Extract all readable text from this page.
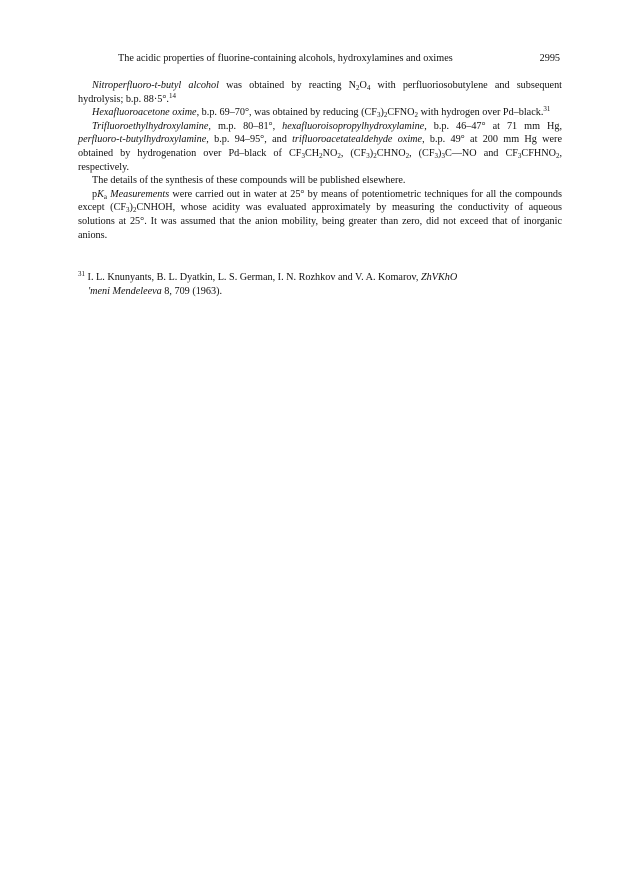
The acidic properties of fluorine-containing alcohols, hydroxylamines and oximes	2995

Nitroperfluoro-t-butyl alcohol was obtained by reacting $N_2O_4$ with perfluoriosobutylene and subsequent hydrolysis; b.p. 88·5°.$^{14}$

Hexafluoroacetone oxime, b.p. 69–70°, was obtained by reducing $(CF_3)_2CFNO_2$ with hydrogen over Pd–black.$^{31}$

Trifluoroethylhydroxylamine, m.p. 80–81°, hexafluoroisopropylhydroxylamine, b.p. 46–47° at 71 mm Hg, perfluoro-t-butylhydroxylamine, b.p. 94–95°, and trifluoroacetatealdehyde oxime, b.p. 49° at 200 mm Hg were obtained by hydrogenation over Pd–black of $CF_3CH_2NO_2$, $(CF_3)_2CHNO_2$, $(CF_3)_3C—NO$ and $CF_3CFHNO_2$, respectively.

The details of the synthesis of these compounds will be published elsewhere.

$pK_a$ Measurements were carried out in water at 25° by means of potentiometric techniques for all the compounds except $(CF_3)_2CNHOH$, whose acidity was evaluated approximately by measuring the conductivity of aqueous solutions at 25°. It was assumed that the anion mobility, being greater than zero, did not exceed that of inorganic anions.

$^{31}$ I. L. Knunyants, B. L. Dyatkin, L. S. German, I. N. Rozhkov and V. A. Komarov, ZhVKhO
'meni Mendeleeva 8, 709 (1963).
